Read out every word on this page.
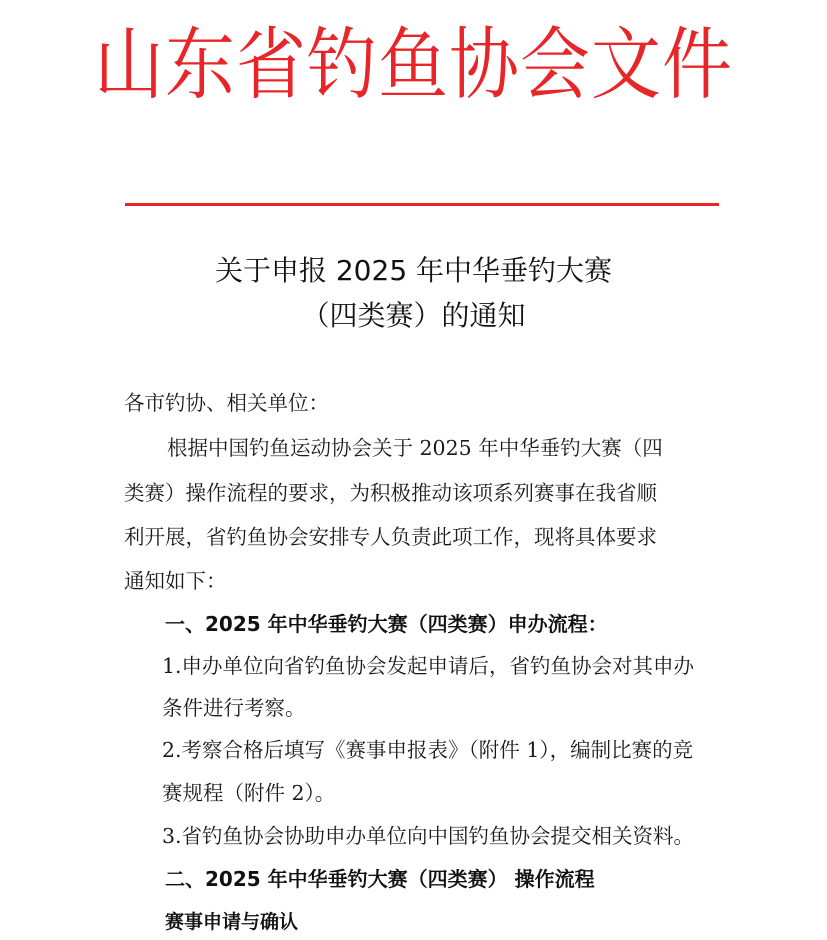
山东省钓鱼协会文件
关于申报 2025 年中华垂钓大赛
（四类赛）的通知
各市钓协、相关单位：
根据中国钓鱼运动协会关于 2025 年中华垂钓大赛（四
类赛）操作流程的要求，为积极推动该项系列赛事在我省顺
利开展，省钓鱼协会安排专人负责此项工作，现将具体要求
通知如下：
一、2025 年中华垂钓大赛（四类赛）申办流程：
1.申办单位向省钓鱼协会发起申请后，省钓鱼协会对其申办
条件进行考察。
2.考察合格后填写《赛事申报表》（附件 1），编制比赛的竞
赛规程（附件 2）。
3.省钓鱼协会协助申办单位向中国钓鱼协会提交相关资料。
二、2025 年中华垂钓大赛（四类赛） 操作流程
赛事申请与确认
